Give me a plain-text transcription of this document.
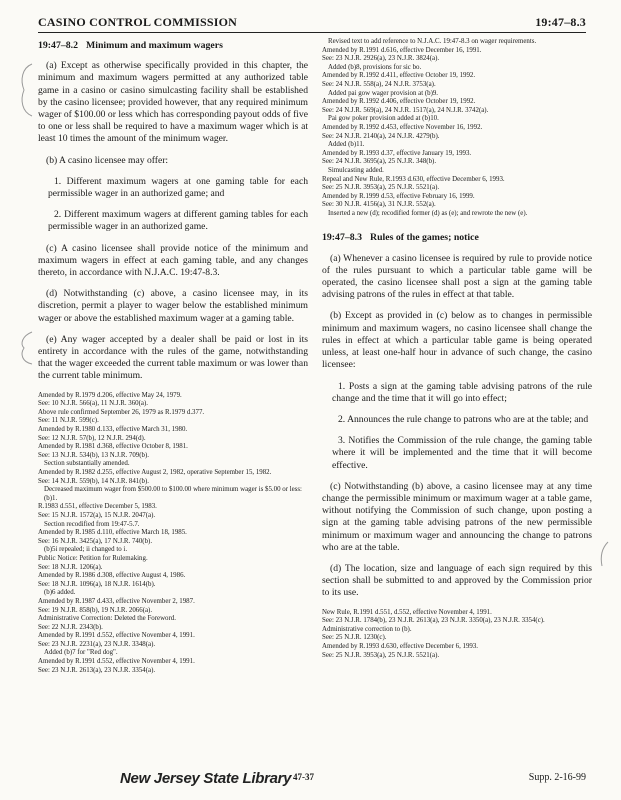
CASINO CONTROL COMMISSION	19:47–8.3
19:47–8.2 Minimum and maximum wagers

(a) Except as otherwise specifically provided in this chapter, the minimum and maximum wagers permitted at any authorized table game in a casino or casino simulcasting facility shall be established by the casino licensee; provided however, that any required minimum wager of $100.00 or less which has corresponding payout odds of five to one or less shall be required to have a maximum wager which is at least 10 times the amount of the minimum wager.

(b) A casino licensee may offer:

1. Different maximum wagers at one gaming table for each permissible wager in an authorized game; and

2. Different maximum wagers at different gaming tables for each permissible wager in an authorized game.

(c) A casino licensee shall provide notice of the minimum and maximum wagers in effect at each gaming table, and any changes thereto, in accordance with N.J.A.C. 19:47-8.3.

(d) Notwithstanding (c) above, a casino licensee may, in its discretion, permit a player to wager below the established minimum wager or above the established maximum wager at a gaming table.

(e) Any wager accepted by a dealer shall be paid or lost in its entirety in accordance with the rules of the game, notwithstanding that the wager exceeded the current table maximum or was lower than the current table minimum.

Amended by R.1979 d.206, effective May 24, 1979.
See: 10 N.J.R. 566(a), 11 N.J.R. 360(a).
Above rule confirmed September 26, 1979 as R.1979 d.377.
See: 11 N.J.R. 599(c).
Amended by R.1980 d.133, effective March 31, 1980.
See: 12 N.J.R. 57(b), 12 N.J.R. 294(d).
Amended by R.1981 d.368, effective October 8, 1981.
See: 13 N.J.R. 534(b), 13 N.J.R. 709(b).
Section substantially amended.
Amended by R.1982 d.255, effective August 2, 1982, operative September 15, 1982.
See: 14 N.J.R. 559(b), 14 N.J.R. 841(b).
Decreased maximum wager from $500.00 to $100.00 where minimum wager is $5.00 or less: (b)1.
R.1983 d.551, effective December 5, 1983.
See: 15 N.J.R. 1572(a), 15 N.J.R. 2047(a).
Section recodified from 19:47-5.7.
Amended by R.1985 d.110, effective March 18, 1985.
See: 16 N.J.R. 3425(a), 17 N.J.R. 740(b).
(b)5i repealed; ii changed to i.
Public Notice: Petition for Rulemaking.
See: 18 N.J.R. 1206(a).
Amended by R.1986 d.308, effective August 4, 1986.
See: 18 N.J.R. 1096(a), 18 N.J.R. 1614(b).
(b)6 added.
Amended by R.1987 d.433, effective November 2, 1987.
See: 19 N.J.R. 858(b), 19 N.J.R. 2066(a).
Administrative Correction: Deleted the Foreword.
See: 22 N.J.R. 2343(b).
Amended by R.1991 d.552, effective November 4, 1991.
See: 23 N.J.R. 2231(a), 23 N.J.R. 3348(a).
Added (b)7 for "Red dog".
Amended by R.1991 d.552, effective November 4, 1991.
See: 23 N.J.R. 2613(a), 23 N.J.R. 3354(a).
Revised text to add reference to N.J.A.C. 19:47-8.3 on wager requirements.
Amended by R.1991 d.616, effective December 16, 1991.
See: 23 N.J.R. 2926(a), 23 N.J.R. 3824(a).
Added (b)8, provisions for sic bo.
Amended by R.1992 d.411, effective October 19, 1992.
See: 24 N.J.R. 558(a), 24 N.J.R. 3753(a).
Added pai gow wager provision at (b)9.
Amended by R.1992 d.406, effective October 19, 1992.
See: 24 N.J.R. 569(a), 24 N.J.R. 1517(a), 24 N.J.R. 3742(a).
Pai gow poker provision added at (b)10.
Amended by R.1992 d.453, effective November 16, 1992.
See: 24 N.J.R. 2140(a), 24 N.J.R. 4279(b).
Added (b)11.
Amended by R.1993 d.37, effective January 19, 1993.
See: 24 N.J.R. 3695(a), 25 N.J.R. 348(b).
Simulcasting added.
Repeal and New Rule, R.1993 d.630, effective December 6, 1993.
See: 25 N.J.R. 3953(a), 25 N.J.R. 5521(a).
Amended by R.1999 d.53, effective February 16, 1999.
See: 30 N.J.R. 4156(a), 31 N.J.R. 552(a).
Inserted a new (d); recodified former (d) as (e); and rewrote the new (e).
19:47–8.3 Rules of the games; notice

(a) Whenever a casino licensee is required by rule to provide notice of the rules pursuant to which a particular table game will be operated, the casino licensee shall post a sign at the gaming table advising patrons of the rules in effect at that table.

(b) Except as provided in (c) below as to changes in permissible minimum and maximum wagers, no casino licensee shall change the rules in effect at which a particular table game is being operated unless, at least one-half hour in advance of such change, the casino licensee:

1. Posts a sign at the gaming table advising patrons of the rule change and the time that it will go into effect;

2. Announces the rule change to patrons who are at the table; and

3. Notifies the Commission of the rule change, the gaming table where it will be implemented and the time that it will become effective.

(c) Notwithstanding (b) above, a casino licensee may at any time change the permissible minimum or maximum wager at a table game, without notifying the Commission of such change, upon posting a sign at the gaming table advising patrons of the new permissible minimum or maximum wager and announcing the change to patrons who are at the table.

(d) The location, size and language of each sign required by this section shall be submitted to and approved by the Commission prior to its use.

New Rule, R.1991 d.551, d.552, effective November 4, 1991.
See: 23 N.J.R. 1784(b), 23 N.J.R. 2613(a), 23 N.J.R. 3350(a), 23 N.J.R. 3354(c).
Administrative correction to (b).
See: 25 N.J.R. 1230(c).
Amended by R.1993 d.630, effective December 6, 1993.
See: 25 N.J.R. 3953(a), 25 N.J.R. 5521(a).
New Jersey State Library 47-37	Supp. 2-16-99
